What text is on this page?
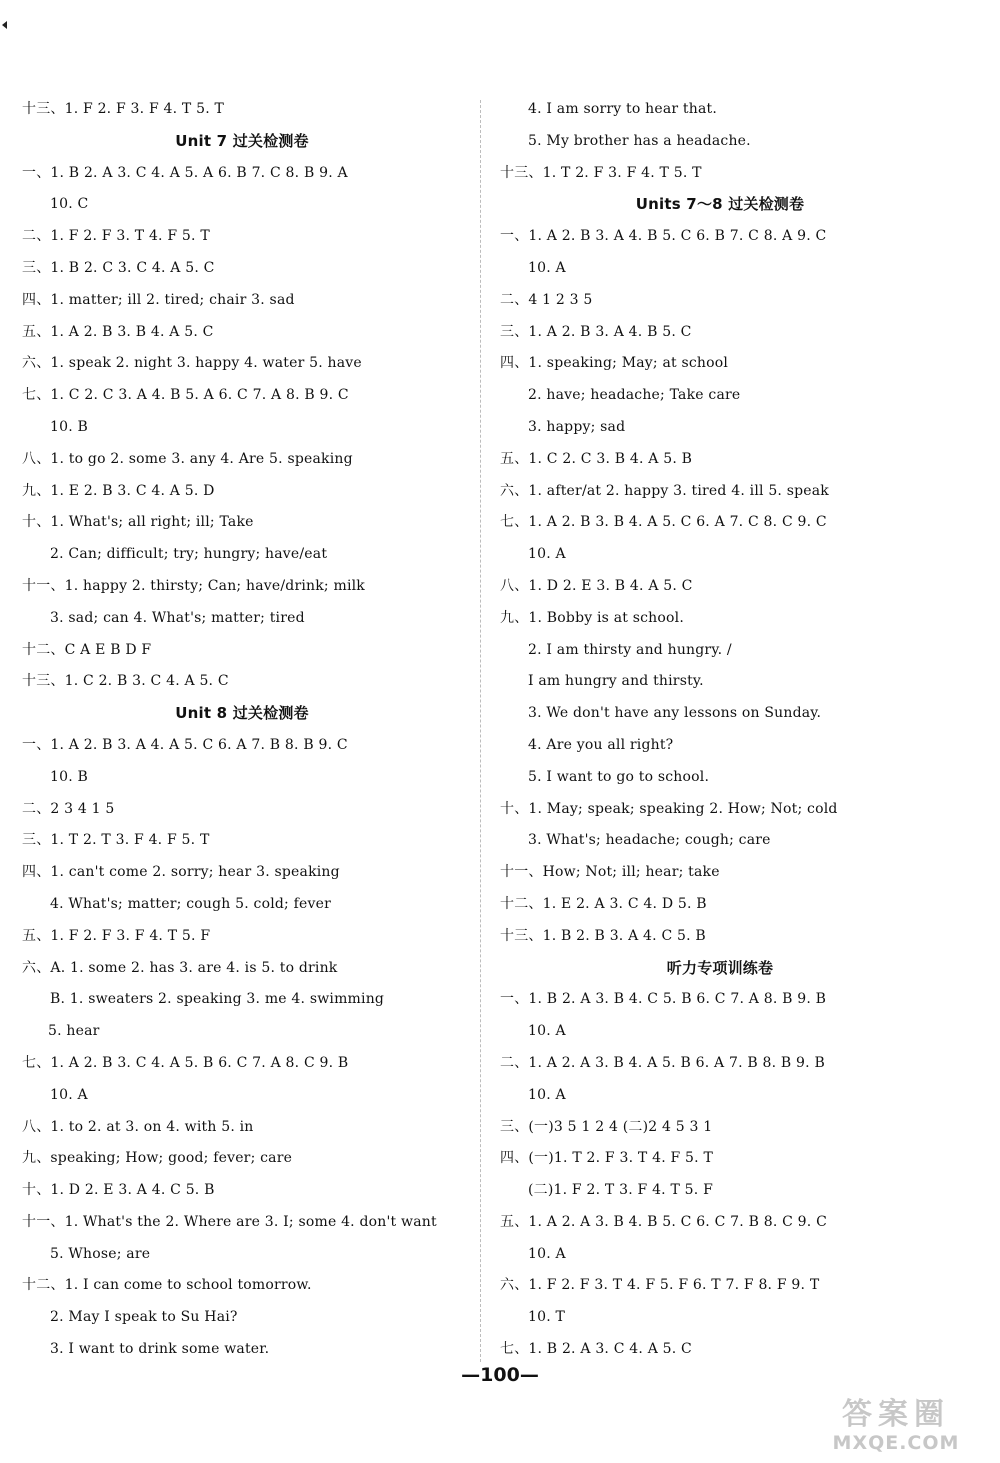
十三、1. F 2. F 3. F 4. T 5. T
Unit 7 过关检测卷
一、1. B 2. A 3. C 4. A 5. A 6. B 7. C 8. B 9. A
10. C
二、1. F 2. F 3. T 4. F 5. T
三、1. B 2. C 3. C 4. A 5. C
四、1. matter; ill 2. tired; chair 3. sad
五、1. A 2. B 3. B 4. A 5. C
六、1. speak 2. night 3. happy 4. water 5. have
七、1. C 2. C 3. A 4. B 5. A 6. C 7. A 8. B 9. C
10. B
八、1. to go 2. some 3. any 4. Are 5. speaking
九、1. E 2. B 3. C 4. A 5. D
十、1. What's; all right; ill; Take
2. Can; difficult; try; hungry; have/eat
十一、1. happy 2. thirsty; Can; have/drink; milk
3. sad; can 4. What's; matter; tired
十二、C A E B D F
十三、1. C 2. B 3. C 4. A 5. C
Unit 8 过关检测卷
一、1. A 2. B 3. A 4. A 5. C 6. A 7. B 8. B 9. C
10. B
二、2 3 4 1 5
三、1. T 2. T 3. F 4. F 5. T
四、1. can't come 2. sorry; hear 3. speaking
4. What's; matter; cough 5. cold; fever
五、1. F 2. F 3. F 4. T 5. F
六、A. 1. some 2. has 3. are 4. is 5. to drink
B. 1. sweaters 2. speaking 3. me 4. swimming
5. hear
七、1. A 2. B 3. C 4. A 5. B 6. C 7. A 8. C 9. B
10. A
八、1. to 2. at 3. on 4. with 5. in
九、speaking; How; good; fever; care
十、1. D 2. E 3. A 4. C 5. B
十一、1. What's the 2. Where are 3. I; some 4. don't want
5. Whose; are
十二、1. I can come to school tomorrow.
2. May I speak to Su Hai?
3. I want to drink some water.
4. I am sorry to hear that.
5. My brother has a headache.
十三、1. T 2. F 3. F 4. T 5. T
Units 7～8 过关检测卷
一、1. A 2. B 3. A 4. B 5. C 6. B 7. C 8. A 9. C
10. A
二、4 1 2 3 5
三、1. A 2. B 3. A 4. B 5. C
四、1. speaking; May; at school
2. have; headache; Take care
3. happy; sad
五、1. C 2. C 3. B 4. A 5. B
六、1. after/at 2. happy 3. tired 4. ill 5. speak
七、1. A 2. B 3. B 4. A 5. C 6. A 7. C 8. C 9. C
10. A
八、1. D 2. E 3. B 4. A 5. C
九、1. Bobby is at school.
2. I am thirsty and hungry. /
I am hungry and thirsty.
3. We don't have any lessons on Sunday.
4. Are you all right?
5. I want to go to school.
十、1. May; speak; speaking 2. How; Not; cold
3. What's; headache; cough; care
十一、How; Not; ill; hear; take
十二、1. E 2. A 3. C 4. D 5. B
十三、1. B 2. B 3. A 4. C 5. B
听力专项训练卷
一、1. B 2. A 3. B 4. C 5. B 6. C 7. A 8. B 9. B
10. A
二、1. A 2. A 3. B 4. A 5. B 6. A 7. B 8. B 9. B
10. A
三、(一)3 5 1 2 4 (二)2 4 5 3 1
四、(一)1. T 2. F 3. T 4. F 5. T
(二)1. F 2. T 3. F 4. T 5. F
五、1. A 2. A 3. B 4. B 5. C 6. C 7. B 8. C 9. C
10. A
六、1. F 2. F 3. T 4. F 5. F 6. T 7. F 8. F 9. T
10. T
七、1. B 2. A 3. C 4. A 5. C
—100—
答案圈
MXQE.COM
